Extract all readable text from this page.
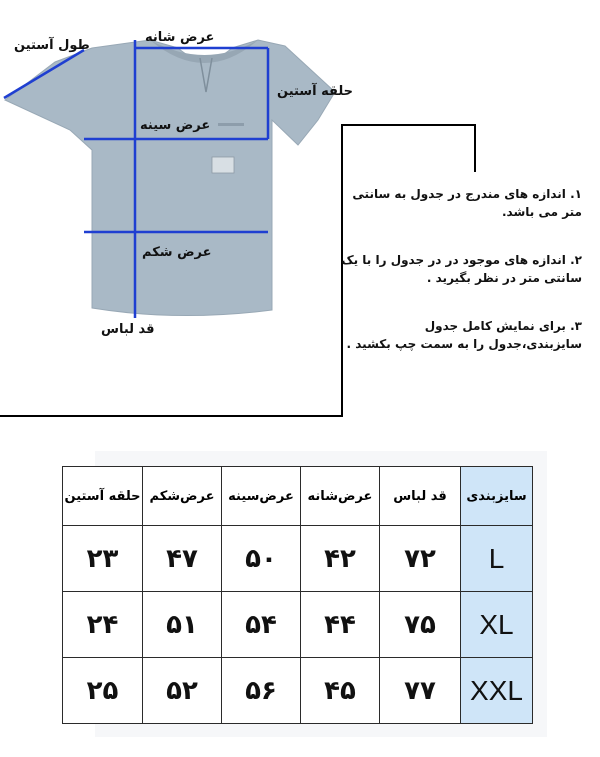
عرض شانه
طول آستین
حلقه آستین
عرض سینه
عرض شکم
قد لباس

۱. اندازه های مندرج در جدول به سانتی متر می باشد.

۲. اندازه های موجود در در جدول را با یک سانتی متر در نظر بگیرید .

۳. برای نمایش کامل جدول سایزبندی،جدول را به سمت چپ بکشید .

حلقه آستین	عرض‌شکم	عرض‌سینه	عرض‌شانه	قد لباس	سایزبندی
۲۳	۴۷	۵۰	۴۲	۷۲	L
۲۴	۵۱	۵۴	۴۴	۷۵	XL
۲۵	۵۲	۵۶	۴۵	۷۷	XXL
